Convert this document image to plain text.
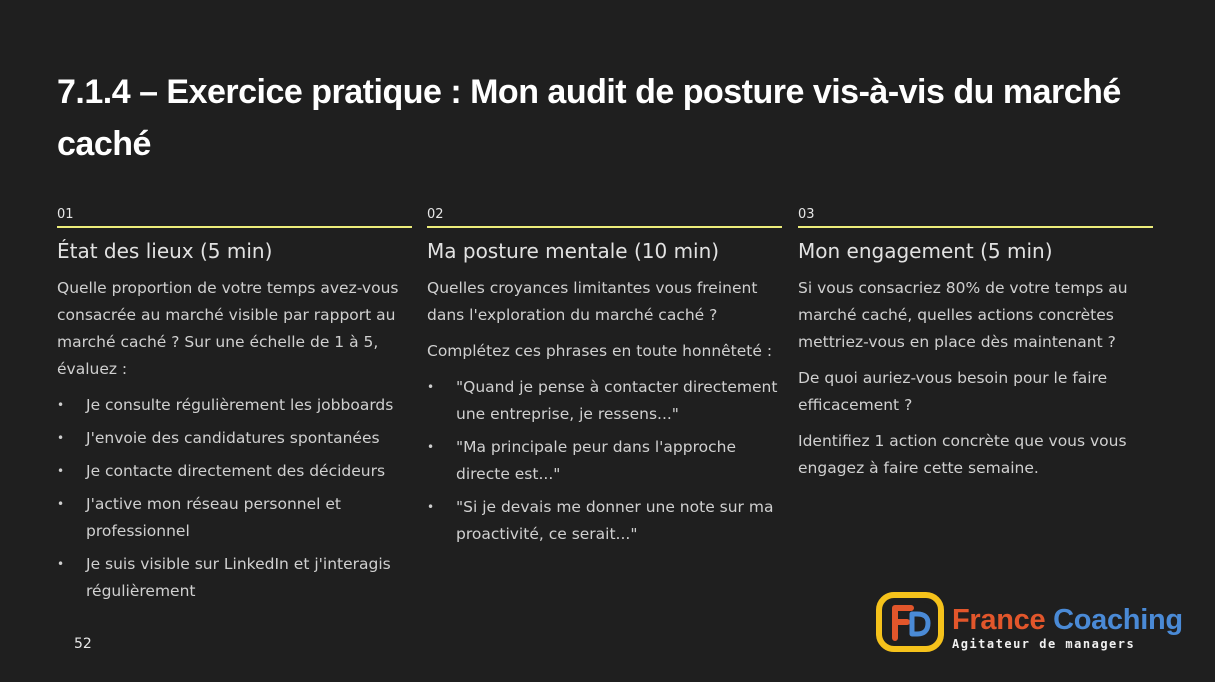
7.1.4 – Exercice pratique : Mon audit de posture vis-à-vis du marché caché
01
État des lieux (5 min)

Quelle proportion de votre temps avez-vous consacrée au marché visible par rapport au marché caché ? Sur une échelle de 1 à 5, évaluez :

• Je consulte régulièrement les jobboards
• J'envoie des candidatures spontanées
• Je contacte directement des décideurs
• J'active mon réseau personnel et professionnel
• Je suis visible sur LinkedIn et j'interagis régulièrement
02
Ma posture mentale (10 min)

Quelles croyances limitantes vous freinent dans l'exploration du marché caché ?

Complétez ces phrases en toute honnêteté :

• "Quand je pense à contacter directement une entreprise, je ressens..."
• "Ma principale peur dans l'approche directe est..."
• "Si je devais me donner une note sur ma proactivité, ce serait..."
03
Mon engagement (5 min)

Si vous consacriez 80% de votre temps au marché caché, quelles actions concrètes mettriez-vous en place dès maintenant ?

De quoi auriez-vous besoin pour le faire efficacement ?

Identifiez 1 action concrète que vous vous engagez à faire cette semaine.

52
France Coaching
Agitateur de managers
